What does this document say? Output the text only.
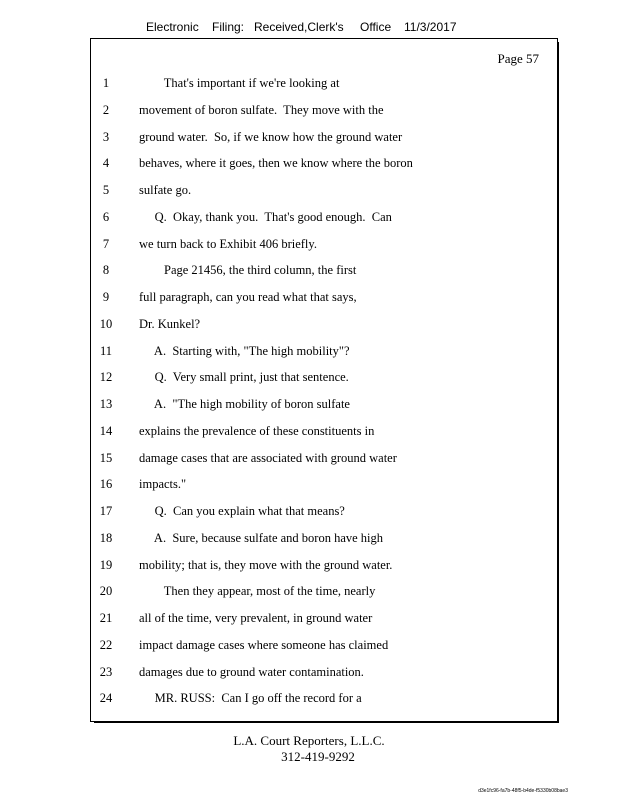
Electronic Filing: Received,Clerk's Office 11/3/2017
Page 57
1	That's important if we're looking at
2	movement of boron sulfate.  They move with the
3	ground water.  So, if we know how the ground water
4	behaves, where it goes, then we know where the boron
5	sulfate go.
6	Q.  Okay, thank you.  That's good enough.  Can
7	we turn back to Exhibit 406 briefly.
8	Page 21456, the third column, the first
9	full paragraph, can you read what that says,
10	Dr. Kunkel?
11	A.  Starting with, "The high mobility"?
12	Q.  Very small print, just that sentence.
13	A.  "The high mobility of boron sulfate
14	explains the prevalence of these constituents in
15	damage cases that are associated with ground water
16	impacts."
17	Q.  Can you explain what that means?
18	A.  Sure, because sulfate and boron have high
19	mobility; that is, they move with the ground water.
20	Then they appear, most of the time, nearly
21	all of the time, very prevalent, in ground water
22	impact damage cases where someone has claimed
23	damages due to ground water contamination.
24	MR. RUSS:  Can I go off the record for a
L.A. Court Reporters, L.L.C.
312-419-9292
d3e1fc96-fa7b-48f5-b4de-f5330b08bae3
